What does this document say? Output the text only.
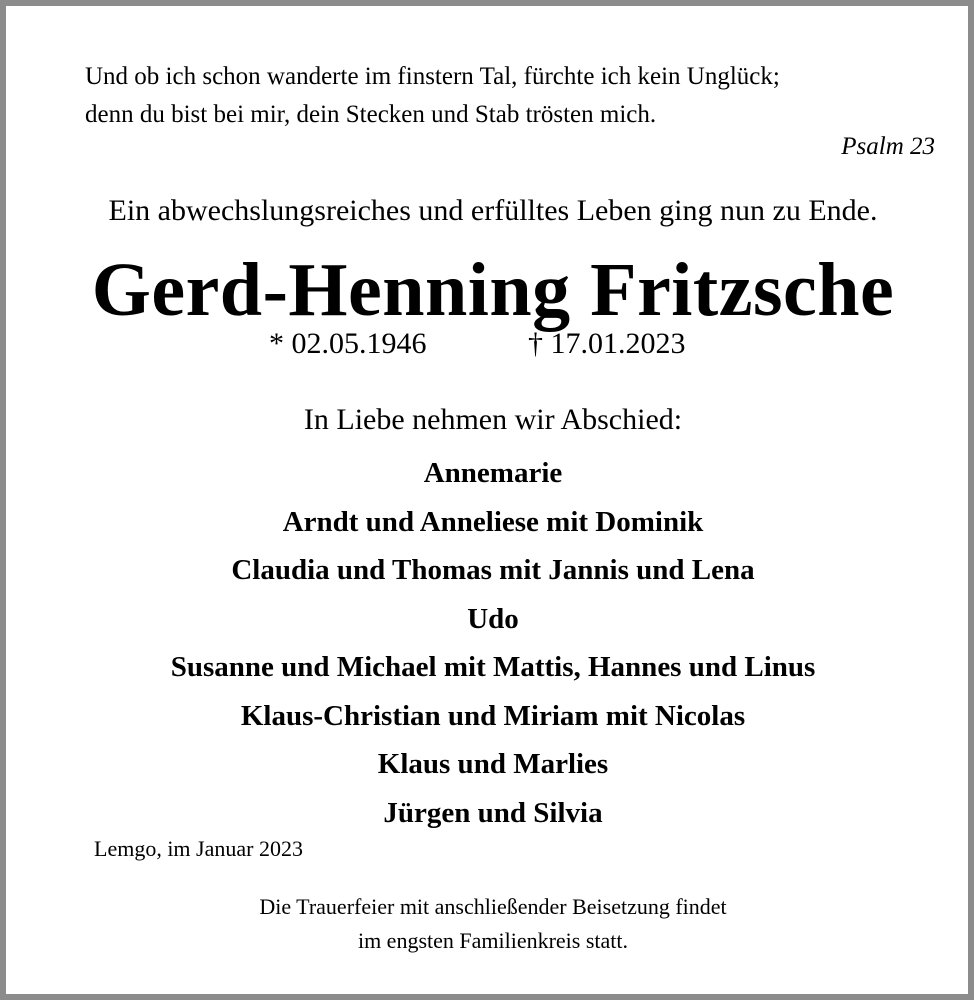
Und ob ich schon wanderte im finstern Tal, fürchte ich kein Unglück;
denn du bist bei mir, dein Stecken und Stab trösten mich.
Psalm 23
Ein abwechslungsreiches und erfülltes Leben ging nun zu Ende.
Gerd-Henning Fritzsche
* 02.05.1946	† 17.01.2023
In Liebe nehmen wir Abschied:
Annemarie
Arndt und Anneliese mit Dominik
Claudia und Thomas mit Jannis und Lena
Udo
Susanne und Michael mit Mattis, Hannes und Linus
Klaus-Christian und Miriam mit Nicolas
Klaus und Marlies
Jürgen und Silvia
Lemgo, im Januar 2023
Die Trauerfeier mit anschließender Beisetzung findet
im engsten Familienkreis statt.
